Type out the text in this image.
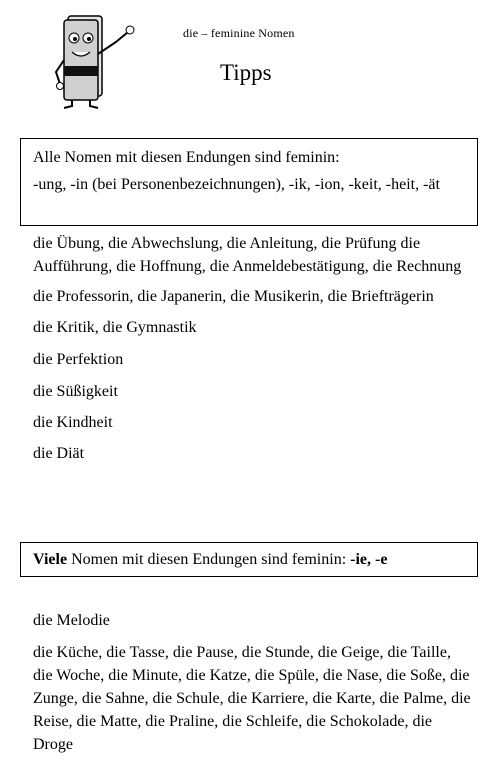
die – feminine Nomen
Tipps
Alle Nomen mit diesen Endungen sind feminin:
-ung, -in (bei Personenbezeichnungen), -ik, -ion, -keit, -heit, -ät

die Übung, die Abwechslung, die Anleitung, die Prüfung die Aufführung, die Hoffnung, die Anmeldebestätigung, die Rechnung

die Professorin, die Japanerin, die Musikerin, die Briefträgerin

die Kritik, die Gymnastik

die Perfektion

die Süßigkeit

die Kindheit

die Diät

Viele Nomen mit diesen Endungen sind feminin: -ie, -e

die Melodie

die Küche, die Tasse, die Pause, die Stunde, die Geige, die Taille, die Woche, die Minute, die Katze, die Spüle, die Nase, die Soße, die Zunge, die Sahne, die Schule, die Karriere, die Karte, die Palme, die Reise, die Matte, die Praline, die Schleife, die Schokolade, die Droge
